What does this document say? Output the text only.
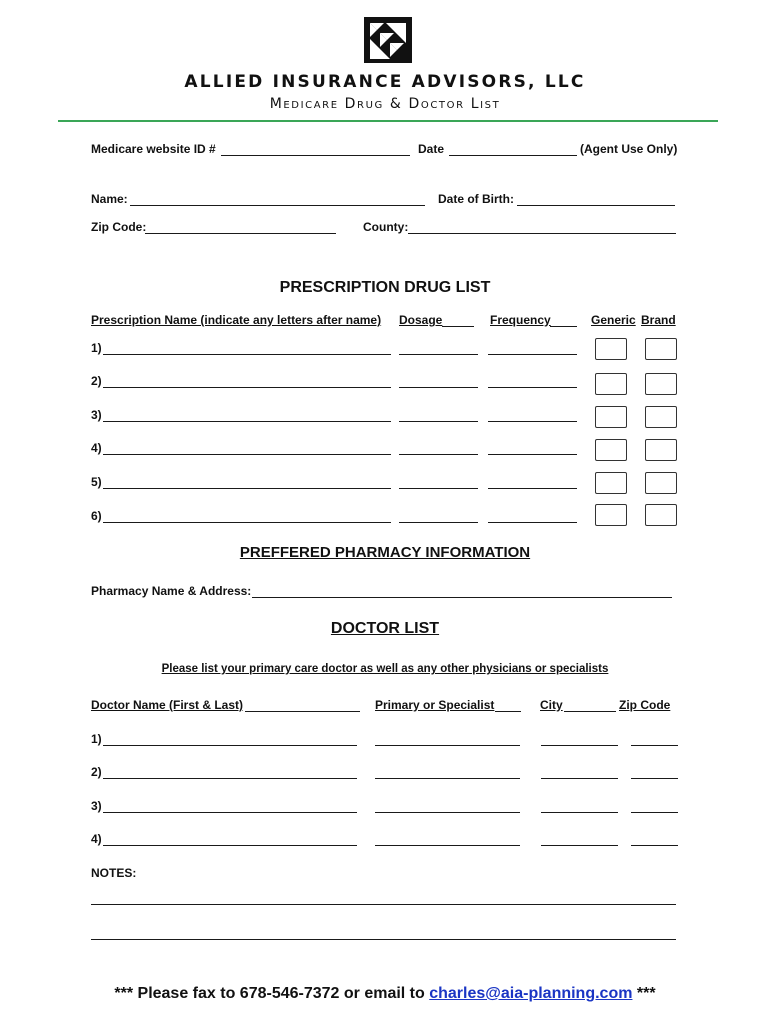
ALLIED INSURANCE ADVISORS, LLC
Medicare Drug & Doctor List
Medicare website ID #	Date	(Agent Use Only)
Name:	Date of Birth:
Zip Code:	County:
PRESCRIPTION DRUG LIST
Prescription Name (indicate any letters after name) Dosage	Frequency	Generic Brand
1)
2)
3)
4)
5)
6)
PREFFERED PHARMACY INFORMATION
Pharmacy Name & Address:
DOCTOR LIST
Please list your primary care doctor as well as any other physicians or specialists
Doctor Name (First & Last)	Primary or Specialist	City	Zip Code
1)
2)
3)
4)
NOTES:
*** Please fax to 678-546-7372 or email to charles@aia-planning.com ***
